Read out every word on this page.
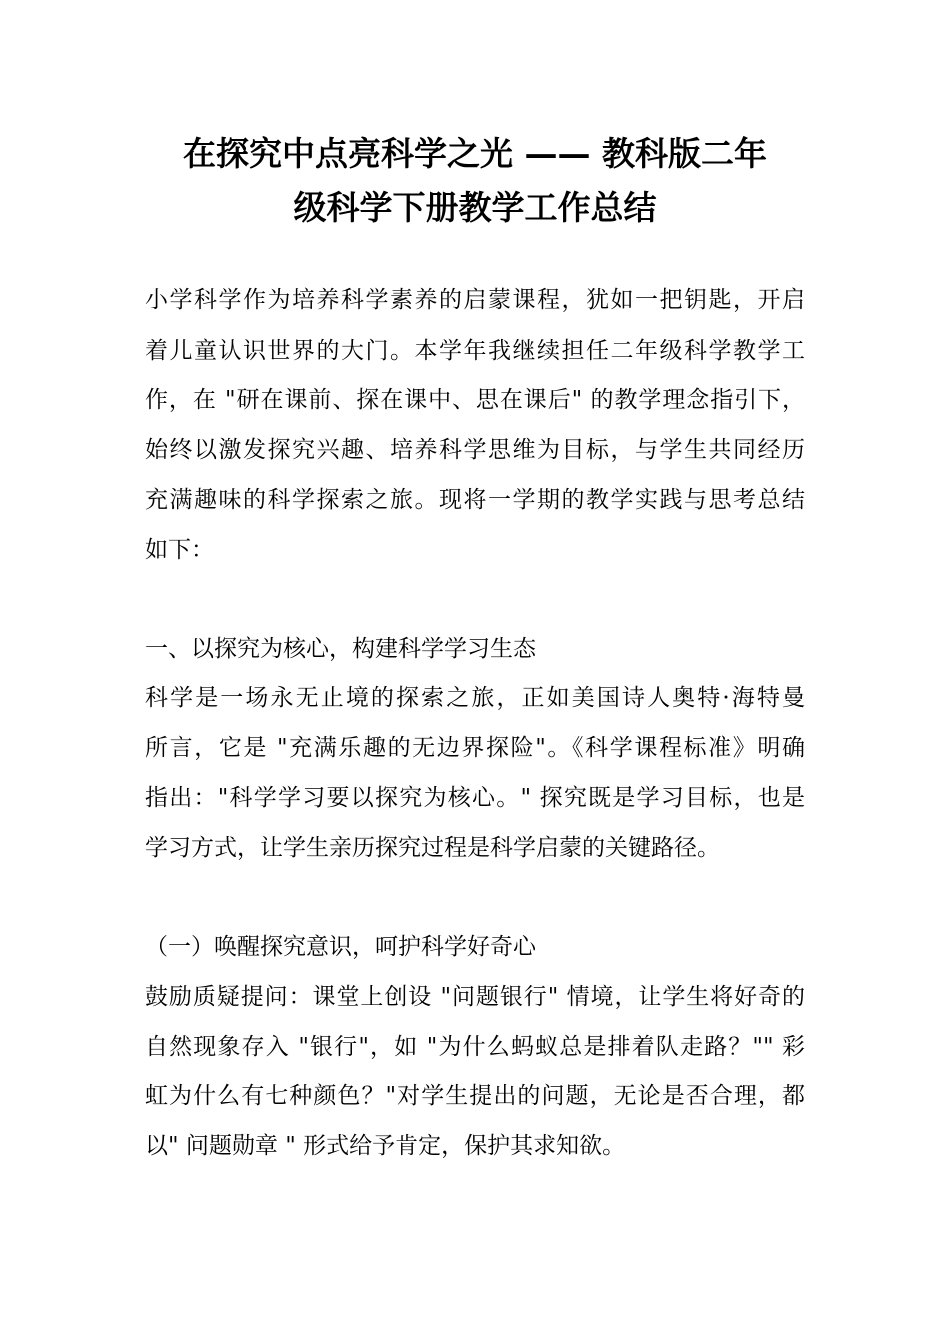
在探究中点亮科学之光 —— 教科版二年
级科学下册教学工作总结
小学科学作为培养科学素养的启蒙课程，犹如一把钥匙，开启
着儿童认识世界的大门。本学年我继续担任二年级科学教学工
作，在 "研在课前、探在课中、思在课后" 的教学理念指引下，
始终以激发探究兴趣、培养科学思维为目标，与学生共同经历
充满趣味的科学探索之旅。现将一学期的教学实践与思考总结
如下：
一、以探究为核心，构建科学学习生态
科学是一场永无止境的探索之旅，正如美国诗人奥特·海特曼
所言，它是 "充满乐趣的无边界探险"。《科学课程标准》明确
指出："科学学习要以探究为核心。" 探究既是学习目标，也是
学习方式，让学生亲历探究过程是科学启蒙的关键路径。
（一）唤醒探究意识，呵护科学好奇心
鼓励质疑提问：课堂上创设 "问题银行" 情境，让学生将好奇的
自然现象存入 "银行"，如 "为什么蚂蚁总是排着队走路？"" 彩
虹为什么有七种颜色？"对学生提出的问题，无论是否合理，都
以" 问题勋章 " 形式给予肯定，保护其求知欲。
